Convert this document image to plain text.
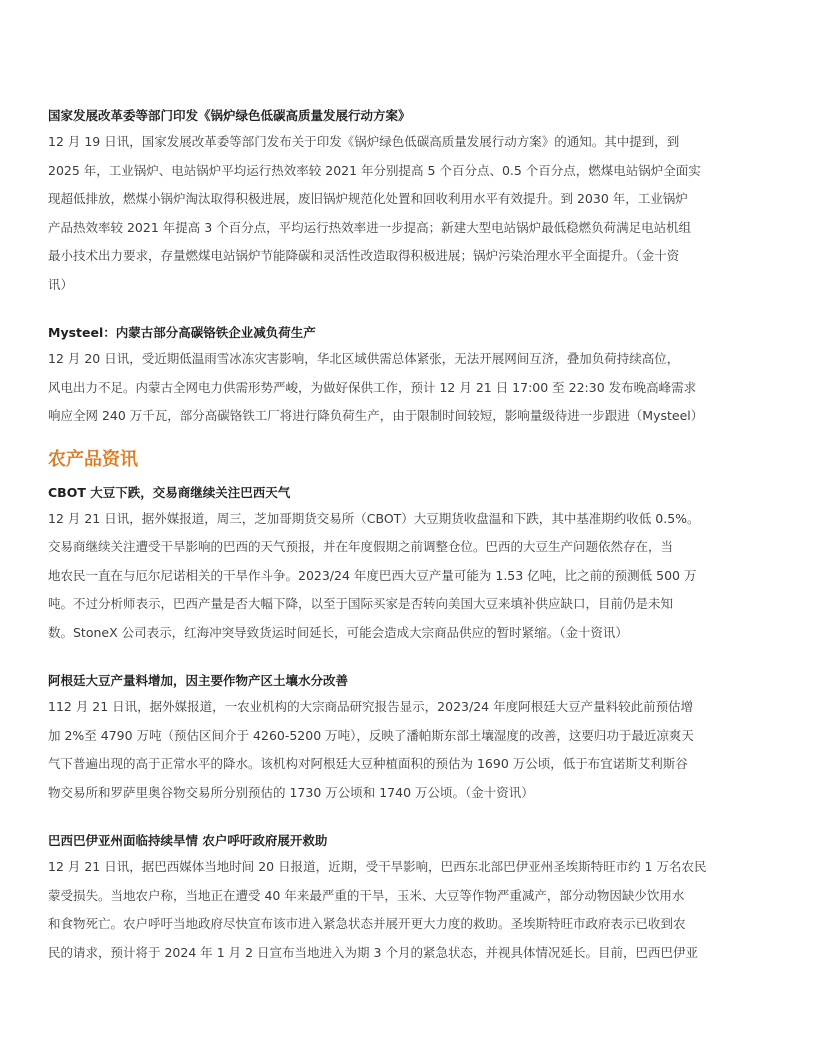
国家发展改革委等部门印发《锅炉绿色低碳高质量发展行动方案》

12 月 19 日讯，国家发展改革委等部门发布关于印发《锅炉绿色低碳高质量发展行动方案》的通知。其中提到，到

2025 年，工业锅炉、电站锅炉平均运行热效率较 2021 年分别提高 5 个百分点、0.5 个百分点，燃煤电站锅炉全面实

现超低排放，燃煤小锅炉淘汰取得积极进展，废旧锅炉规范化处置和回收利用水平有效提升。到 2030 年，工业锅炉

产品热效率较 2021 年提高 3 个百分点，平均运行热效率进一步提高；新建大型电站锅炉最低稳燃负荷满足电站机组

最小技术出力要求，存量燃煤电站锅炉节能降碳和灵活性改造取得积极进展；锅炉污染治理水平全面提升。（金十资

讯）

Mysteel：内蒙古部分高碳铬铁企业减负荷生产

12 月 20 日讯，受近期低温雨雪冰冻灾害影响，华北区域供需总体紧张，无法开展网间互济，叠加负荷持续高位，

风电出力不足。内蒙古全网电力供需形势严峻，为做好保供工作，预计 12 月 21 日 17:00 至 22:30 发布晚高峰需求

响应全网 240 万千瓦，部分高碳铬铁工厂将进行降负荷生产，由于限制时间较短，影响量级待进一步跟进（Mysteel）

农产品资讯

CBOT 大豆下跌，交易商继续关注巴西天气

12 月 21 日讯，据外媒报道，周三，芝加哥期货交易所（CBOT）大豆期货收盘温和下跌，其中基准期约收低 0.5%。

交易商继续关注遭受干旱影响的巴西的天气预报，并在年度假期之前调整仓位。巴西的大豆生产问题依然存在，当

地农民一直在与厄尔尼诺相关的干旱作斗争。2023/24 年度巴西大豆产量可能为 1.53 亿吨，比之前的预测低 500 万

吨。不过分析师表示，巴西产量是否大幅下降，以至于国际买家是否转向美国大豆来填补供应缺口，目前仍是未知

数。StoneX 公司表示，红海冲突导致货运时间延长，可能会造成大宗商品供应的暂时紧缩。（金十资讯）

阿根廷大豆产量料增加，因主要作物产区土壤水分改善

112 月 21 日讯，据外媒报道，一农业机构的大宗商品研究报告显示，2023/24 年度阿根廷大豆产量料较此前预估增

加 2%至 4790 万吨（预估区间介于 4260-5200 万吨），反映了潘帕斯东部土壤湿度的改善，这要归功于最近凉爽天

气下普遍出现的高于正常水平的降水。该机构对阿根廷大豆种植面积的预估为 1690 万公顷，低于布宜诺斯艾利斯谷

物交易所和罗萨里奥谷物交易所分别预估的 1730 万公顷和 1740 万公顷。（金十资讯）

巴西巴伊亚州面临持续旱情 农户呼吁政府展开救助

12 月 21 日讯，据巴西媒体当地时间 20 日报道，近期，受干旱影响，巴西东北部巴伊亚州圣埃斯特旺市约 1 万名农民

蒙受损失。当地农户称，当地正在遭受 40 年来最严重的干旱，玉米、大豆等作物严重减产，部分动物因缺少饮用水

和食物死亡。农户呼吁当地政府尽快宣布该市进入紧急状态并展开更大力度的救助。圣埃斯特旺市政府表示已收到农

民的请求，预计将于 2024 年 1 月 2 日宣布当地进入为期 3 个月的紧急状态，并视具体情况延长。目前，巴西巴伊亚
